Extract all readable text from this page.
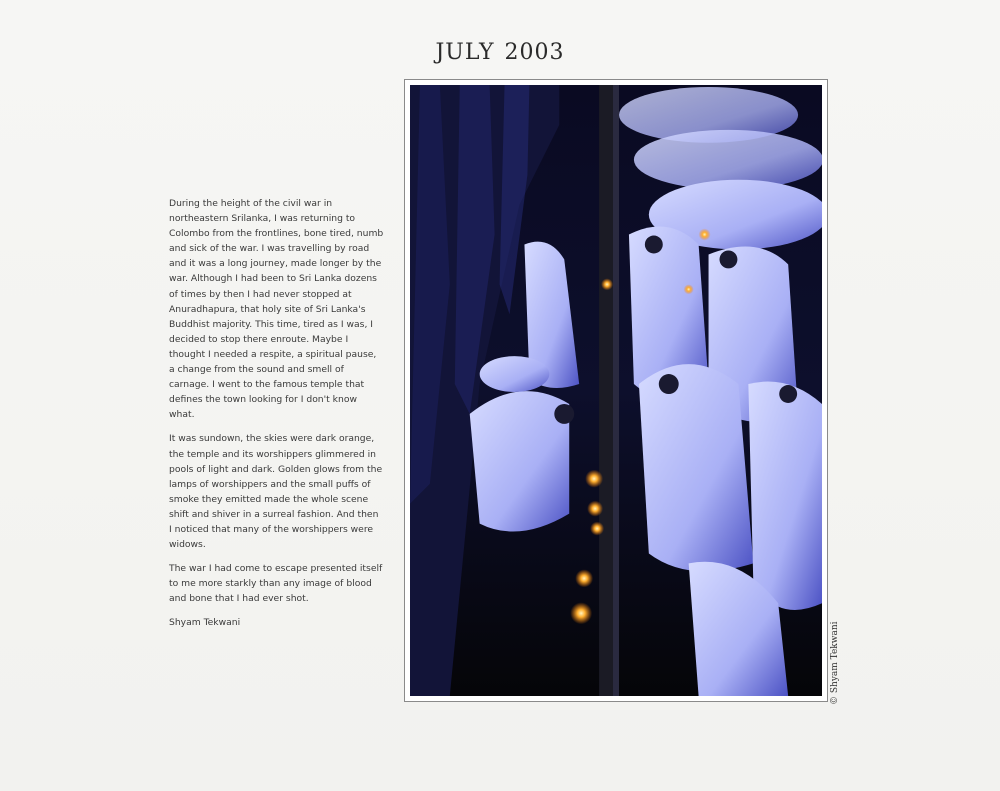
JULY 2003

During the height of the civil war in northeastern Srilanka, I was returning to Colombo from the frontlines, bone tired, numb and sick of the war. I was travelling by road and it was a long journey, made longer by the war. Although I had been to Sri Lanka dozens of times by then I had never stopped at Anuradhapura, that holy site of Sri Lanka's Buddhist majority. This time, tired as I was, I decided to stop there enroute. Maybe I thought I needed a respite, a spiritual pause, a change from the sound and smell of carnage. I went to the famous temple that defines the town looking for I don't know what.

It was sundown, the skies were dark orange, the temple and its worshippers glimmered in pools of light and dark. Golden glows from the lamps of worshippers and the small puffs of smoke they emitted made the whole scene shift and shiver in a surreal fashion. And then I noticed that many of the worshippers were widows.

The war I had come to escape presented itself to me more starkly than any image of blood and bone that I had ever shot.

Shyam Tekwani	© Shyam Tekwani
